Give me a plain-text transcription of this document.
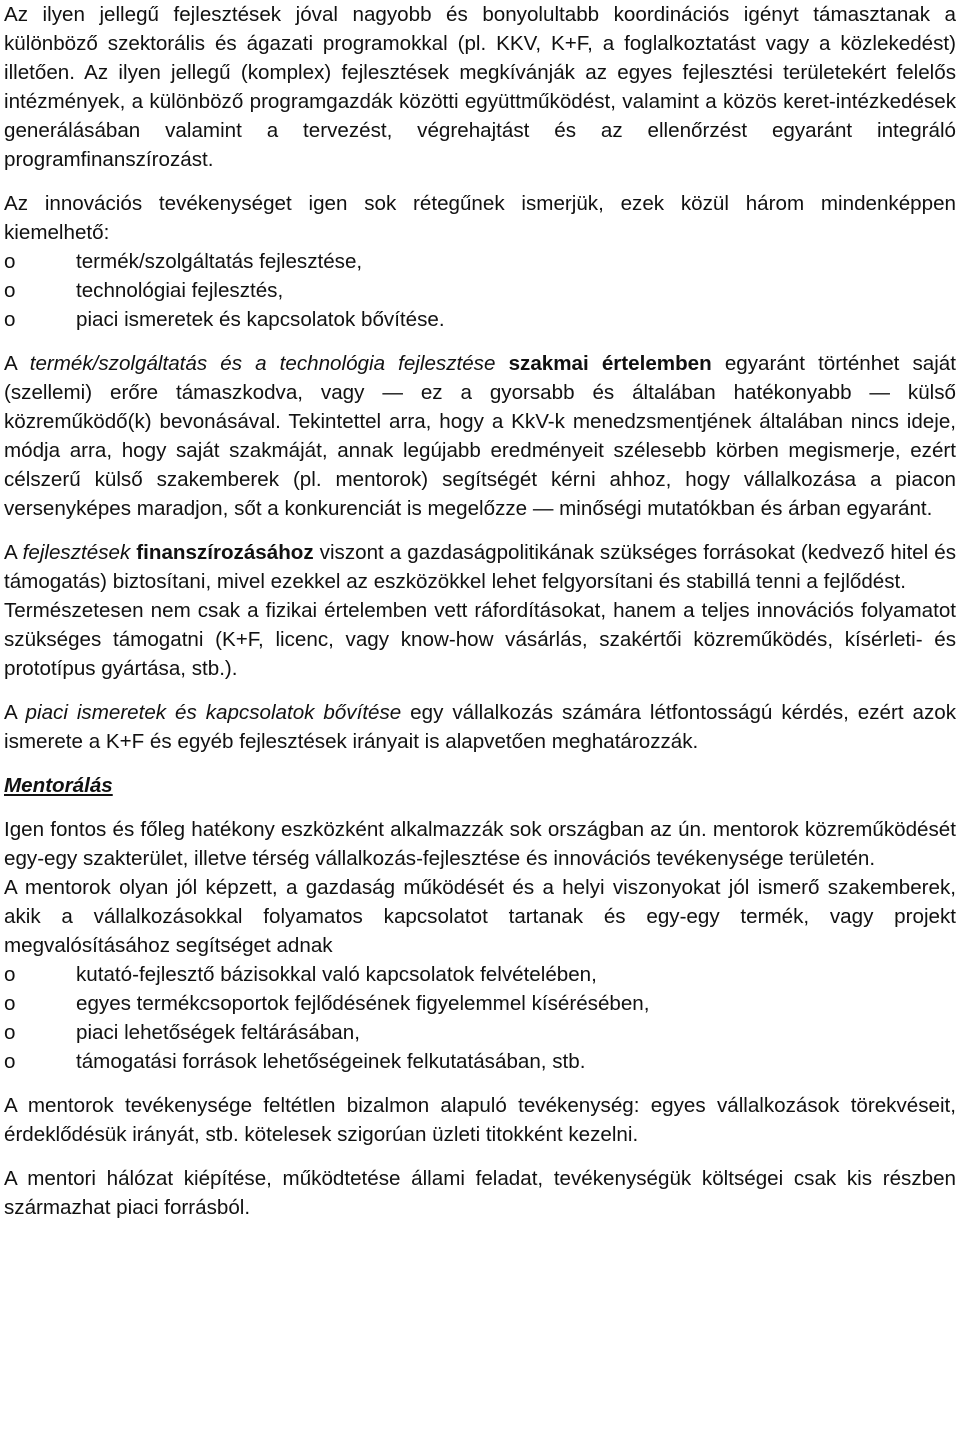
Az ilyen jellegű fejlesztések jóval nagyobb és bonyolultabb koordinációs igényt támasztanak a különböző szektorális és ágazati programokkal (pl. KKV, K+F, a foglalkoztatást vagy a közlekedést) illetően. Az ilyen jellegű (komplex) fejlesztések megkívánják az egyes fejlesztési területekért felelős intézmények, a különböző programgazdák közötti együttműködést, valamint a közös keret-intézkedések generálásában valamint a tervezést, végrehajtást és az ellenőrzést egyaránt integráló programfinanszírozást.

Az innovációs tevékenységet igen sok rétegűnek ismerjük, ezek közül három mindenképpen kiemelhető:

o	termék/szolgáltatás fejlesztése,
o	technológiai fejlesztés,
o	piaci ismeretek és kapcsolatok bővítése.

A termék/szolgáltatás és a technológia fejlesztése szakmai értelemben egyaránt történhet saját (szellemi) erőre támaszkodva, vagy — ez a gyorsabb és általában hatékonyabb — külső közreműködő(k) bevonásával. Tekintettel arra, hogy a KkV-k menedzsmentjének általában nincs ideje, módja arra, hogy saját szakmáját, annak legújabb eredményeit szélesebb körben megismerje, ezért célszerű külső szakemberek (pl. mentorok) segítségét kérni ahhoz, hogy vállalkozása a piacon versenyképes maradjon, sőt a konkurenciát is megelőzze — minőségi mutatókban és árban egyaránt.

A fejlesztések finanszírozásához viszont a gazdaságpolitikának szükséges forrásokat (kedvező hitel és támogatás) biztosítani, mivel ezekkel az eszközökkel lehet felgyorsítani és stabillá tenni a fejlődést.

Természetesen nem csak a fizikai értelemben vett ráfordításokat, hanem a teljes innovációs folyamatot szükséges támogatni (K+F, licenc, vagy know-how vásárlás, szakértői közreműködés, kísérleti- és prototípus gyártása, stb.).

A piaci ismeretek és kapcsolatok bővítése egy vállalkozás számára létfontosságú kérdés, ezért azok ismerete a K+F és egyéb fejlesztések irányait is alapvetően meghatározzák.

Mentorálás

Igen fontos és főleg hatékony eszközként alkalmazzák sok országban az ún. mentorok közreműködését egy-egy szakterület, illetve térség vállalkozás-fejlesztése és innovációs tevékenysége területén.

A mentorok olyan jól képzett, a gazdaság működését és a helyi viszonyokat jól ismerő szakemberek, akik a vállalkozásokkal folyamatos kapcsolatot tartanak és egy-egy termék, vagy projekt megvalósításához segítséget adnak

o	kutató-fejlesztő bázisokkal való kapcsolatok felvételében,
o	egyes termékcsoportok fejlődésének figyelemmel kísérésében,
o	piaci lehetőségek feltárásában,
o	támogatási források lehetőségeinek felkutatásában, stb.

A mentorok tevékenysége feltétlen bizalmon alapuló tevékenység: egyes vállalkozások törekvéseit, érdeklődésük irányát, stb. kötelesek szigorúan üzleti titokként kezelni.

A mentori hálózat kiépítése, működtetése állami feladat, tevékenységük költségei csak kis részben származhat piaci forrásból.
